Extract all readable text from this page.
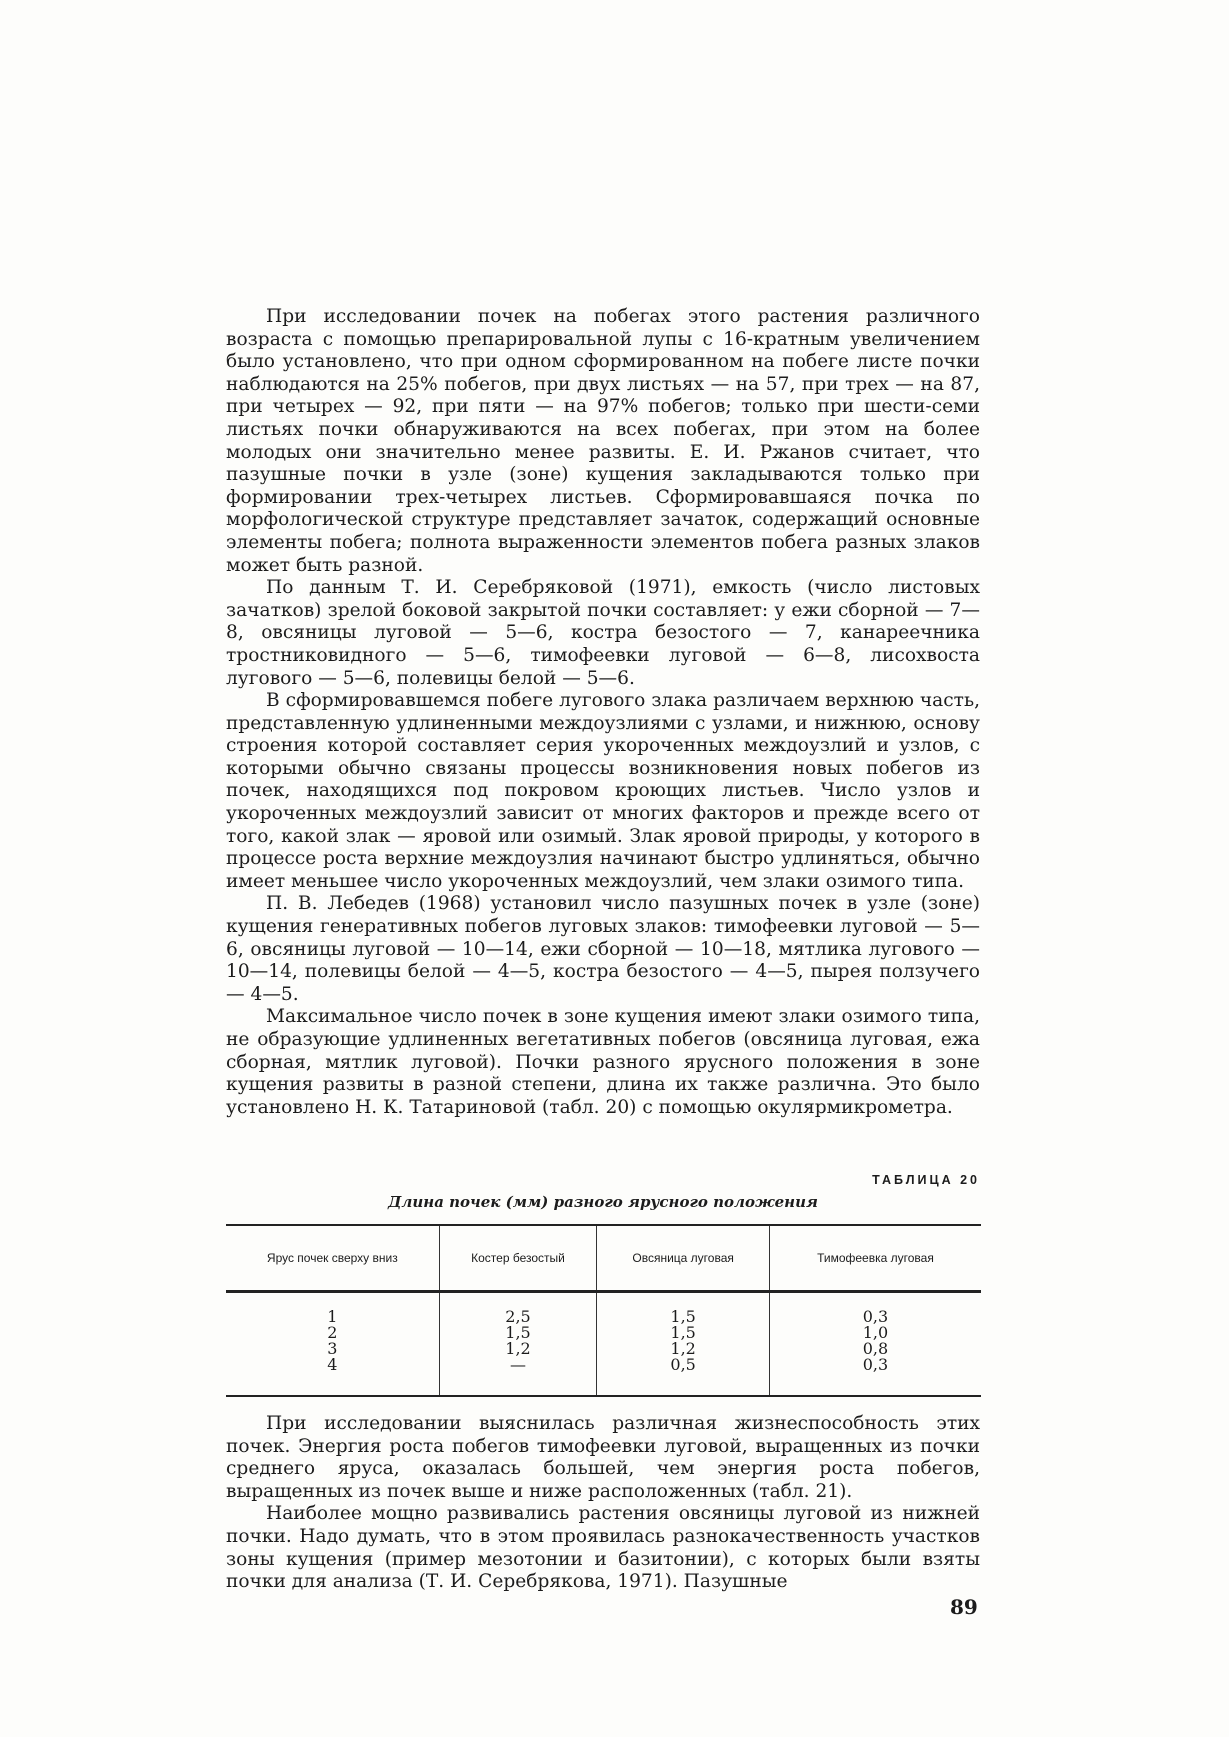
При исследовании почек на побегах этого растения различного возраста с помощью препарировальной лупы с 16-кратным увеличением было установлено, что при одном сформированном на побеге листе почки наблюдаются на 25% побегов, при двух листьях — на 57, при трех — на 87, при четырех — 92, при пяти — на 97% побегов; только при шести-семи листьях почки обнаруживаются на всех побегах, при этом на более молодых они значительно менее развиты. Е. И. Ржанов считает, что пазушные почки в узле (зоне) кущения закладываются только при формировании трех-четырех листьев. Сформировавшаяся почка по морфологической структуре представляет зачаток, содержащий основные элементы побега; полнота выраженности элементов побега разных злаков может быть разной.

По данным Т. И. Серебряковой (1971), емкость (число листовых зачатков) зрелой боковой закрытой почки составляет: у ежи сборной — 7—8, овсяницы луговой — 5—6, костра безостого — 7, канареечника тростниковидного — 5—6, тимофеевки луговой — 6—8, лисохвоста лугового — 5—6, полевицы белой — 5—6.

В сформировавшемся побеге лугового злака различаем верхнюю часть, представленную удлиненными междоузлиями с узлами, и нижнюю, основу строения которой составляет серия укороченных междоузлий и узлов, с которыми обычно связаны процессы возникновения новых побегов из почек, находящихся под покровом кроющих листьев. Число узлов и укороченных междоузлий зависит от многих факторов и прежде всего от того, какой злак — яровой или озимый. Злак яровой природы, у которого в процессе роста верхние междоузлия начинают быстро удлиняться, обычно имеет меньшее число укороченных междоузлий, чем злаки озимого типа.

П. В. Лебедев (1968) установил число пазушных почек в узле (зоне) кущения генеративных побегов луговых злаков: тимофеевки луговой — 5—6, овсяницы луговой — 10—14, ежи сборной — 10—18, мятлика лугового — 10—14, полевицы белой — 4—5, костра безостого — 4—5, пырея ползучего — 4—5.

Максимальное число почек в зоне кущения имеют злаки озимого типа, не образующие удлиненных вегетативных побегов (овсяница луговая, ежа сборная, мятлик луговой). Почки разного ярусного положения в зоне кущения развиты в разной степени, длина их также различна. Это было установлено Н. К. Татариновой (табл. 20) с помощью окулярмикрометра.

ТАБЛИЦА 20
Длина почек (мм) разного ярусного положения
Ярус почек сверху вниз	Костер безостый	Овсяница луговая	Тимофеевка луговая
1	2,5	1,5	0,3
2	1,5	1,5	1,0
3	1,2	1,2	0,8
4	—	0,5	0,3

При исследовании выяснилась различная жизнеспособность этих почек. Энергия роста побегов тимофеевки луговой, выращенных из почки среднего яруса, оказалась большей, чем энергия роста побегов, выращенных из почек выше и ниже расположенных (табл. 21).

Наиболее мощно развивались растения овсяницы луговой из нижней почки. Надо думать, что в этом проявилась разнокачественность участков зоны кущения (пример мезотонии и базитонии), с которых были взяты почки для анализа (Т. И. Серебрякова, 1971). Пазушные

89
